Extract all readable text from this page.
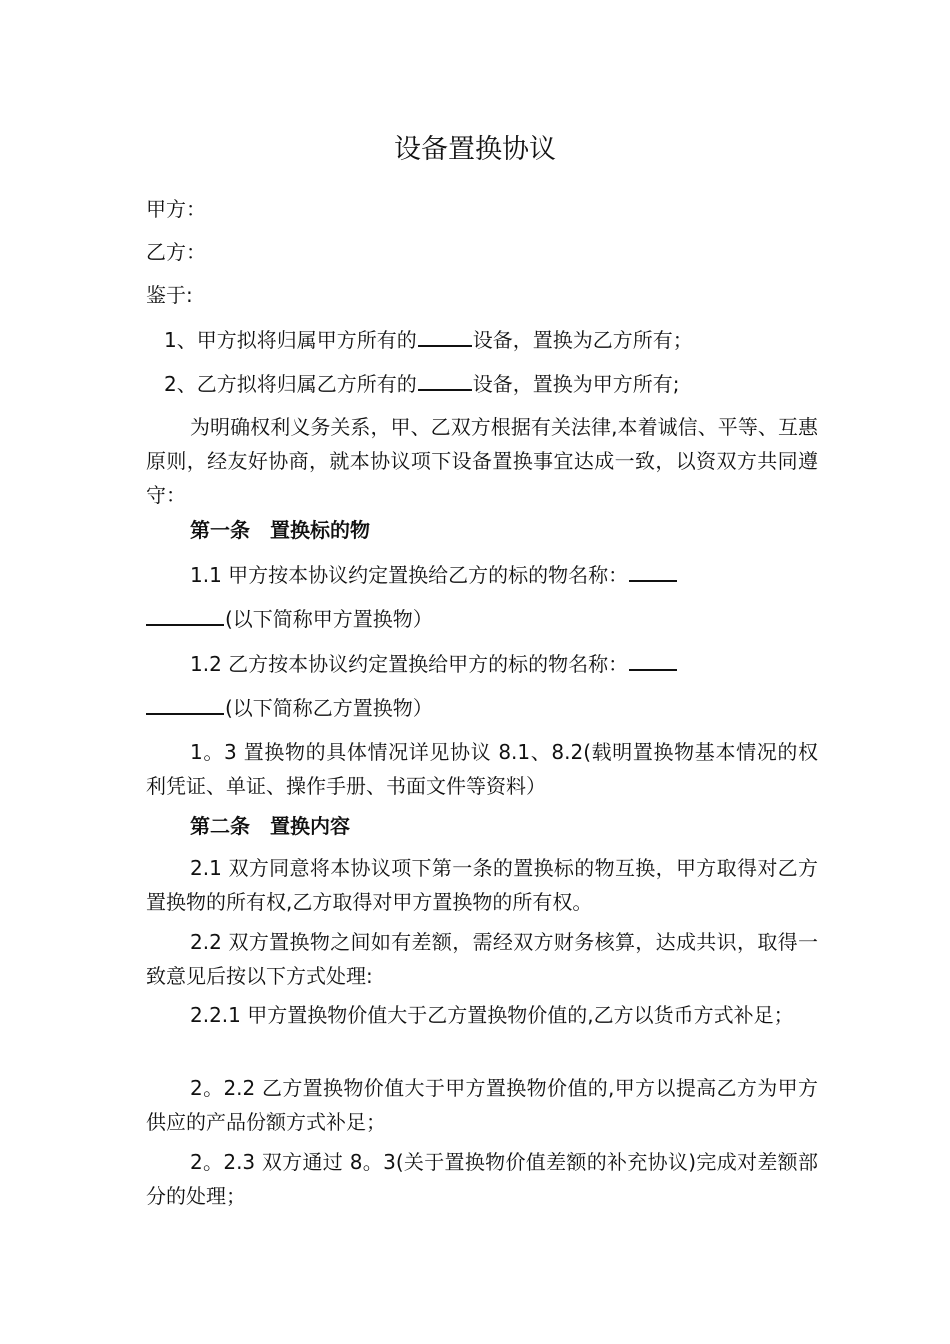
设备置换协议
甲方：
乙方：
鉴于:
1、甲方拟将归属甲方所有的	设备，置换为乙方所有；
2、乙方拟将归属乙方所有的	设备，置换为甲方所有;

为明确权利义务关系，甲、乙双方根据有关法律,本着诚信、平等、互惠原则，经友好协商，就本协议项下设备置换事宜达成一致，以资双方共同遵守：

第一条　置换标的物
1.1 甲方按本协议约定置换给乙方的标的物名称：
(以下简称甲方置换物）
1.2 乙方按本协议约定置换给甲方的标的物名称：
(以下简称乙方置换物）

1。3 置换物的具体情况详见协议 8.1、8.2(载明置换物基本情况的权利凭证、单证、操作手册、书面文件等资料）

第二条　置换内容

2.1 双方同意将本协议项下第一条的置换标的物互换，甲方取得对乙方置换物的所有权,乙方取得对甲方置换物的所有权。

2.2 双方置换物之间如有差额，需经双方财务核算，达成共识，取得一致意见后按以下方式处理:

2.2.1 甲方置换物价值大于乙方置换物价值的,乙方以货币方式补足；

2。2.2 乙方置换物价值大于甲方置换物价值的,甲方以提高乙方为甲方供应的产品份额方式补足；

2。2.3 双方通过 8。3(关于置换物价值差额的补充协议)完成对差额部分的处理；
